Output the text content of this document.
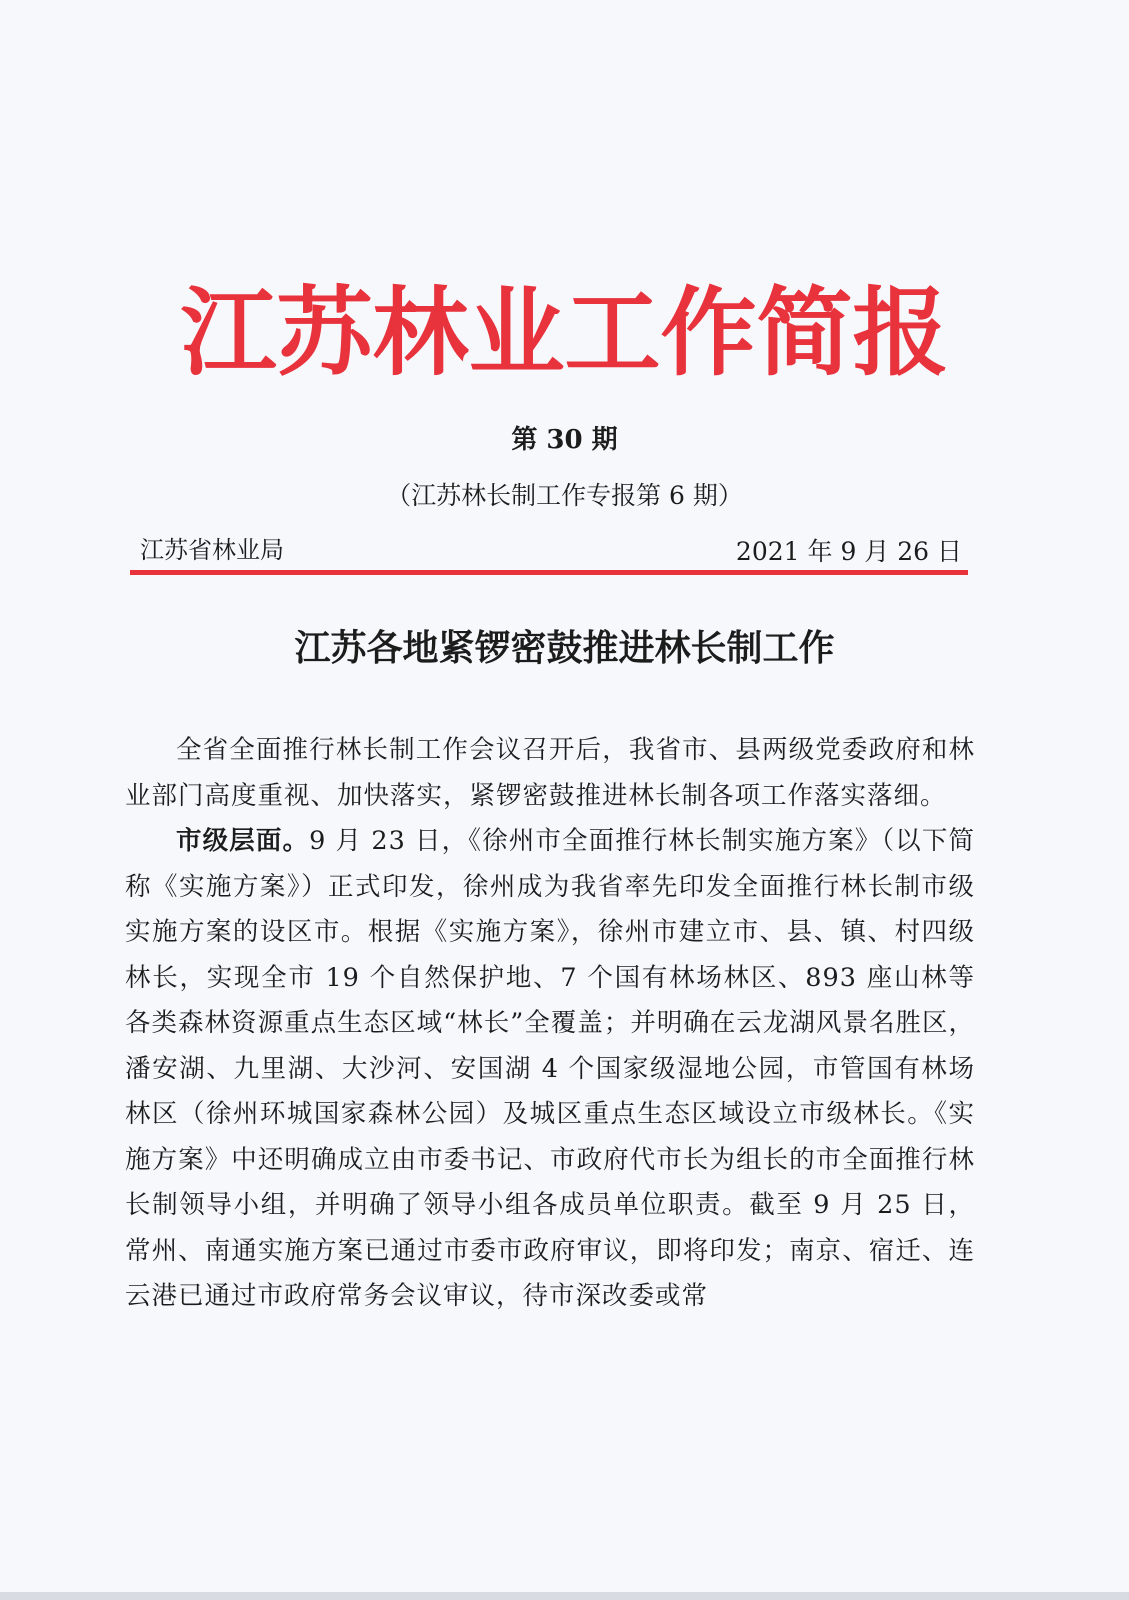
江苏林业工作简报
第 30 期
（江苏林长制工作专报第 6 期）
江苏省林业局	2021 年 9 月 26 日
江苏各地紧锣密鼓推进林长制工作

全省全面推行林长制工作会议召开后，我省市、县两级党委政府和林业部门高度重视、加快落实，紧锣密鼓推进林长制各项工作落实落细。

市级层面。9 月 23 日，《徐州市全面推行林长制实施方案》（以下简称《实施方案》）正式印发，徐州成为我省率先印发全面推行林长制市级实施方案的设区市。根据《实施方案》，徐州市建立市、县、镇、村四级林长，实现全市 19 个自然保护地、7 个国有林场林区、893 座山林等各类森林资源重点生态区域“林长”全覆盖；并明确在云龙湖风景名胜区，潘安湖、九里湖、大沙河、安国湖 4 个国家级湿地公园，市管国有林场林区（徐州环城国家森林公园）及城区重点生态区域设立市级林长。《实施方案》中还明确成立由市委书记、市政府代市长为组长的市全面推行林长制领导小组，并明确了领导小组各成员单位职责。截至 9 月 25 日，常州、南通实施方案已通过市委市政府审议，即将印发；南京、宿迁、连云港已通过市政府常务会议审议，待市深改委或常
